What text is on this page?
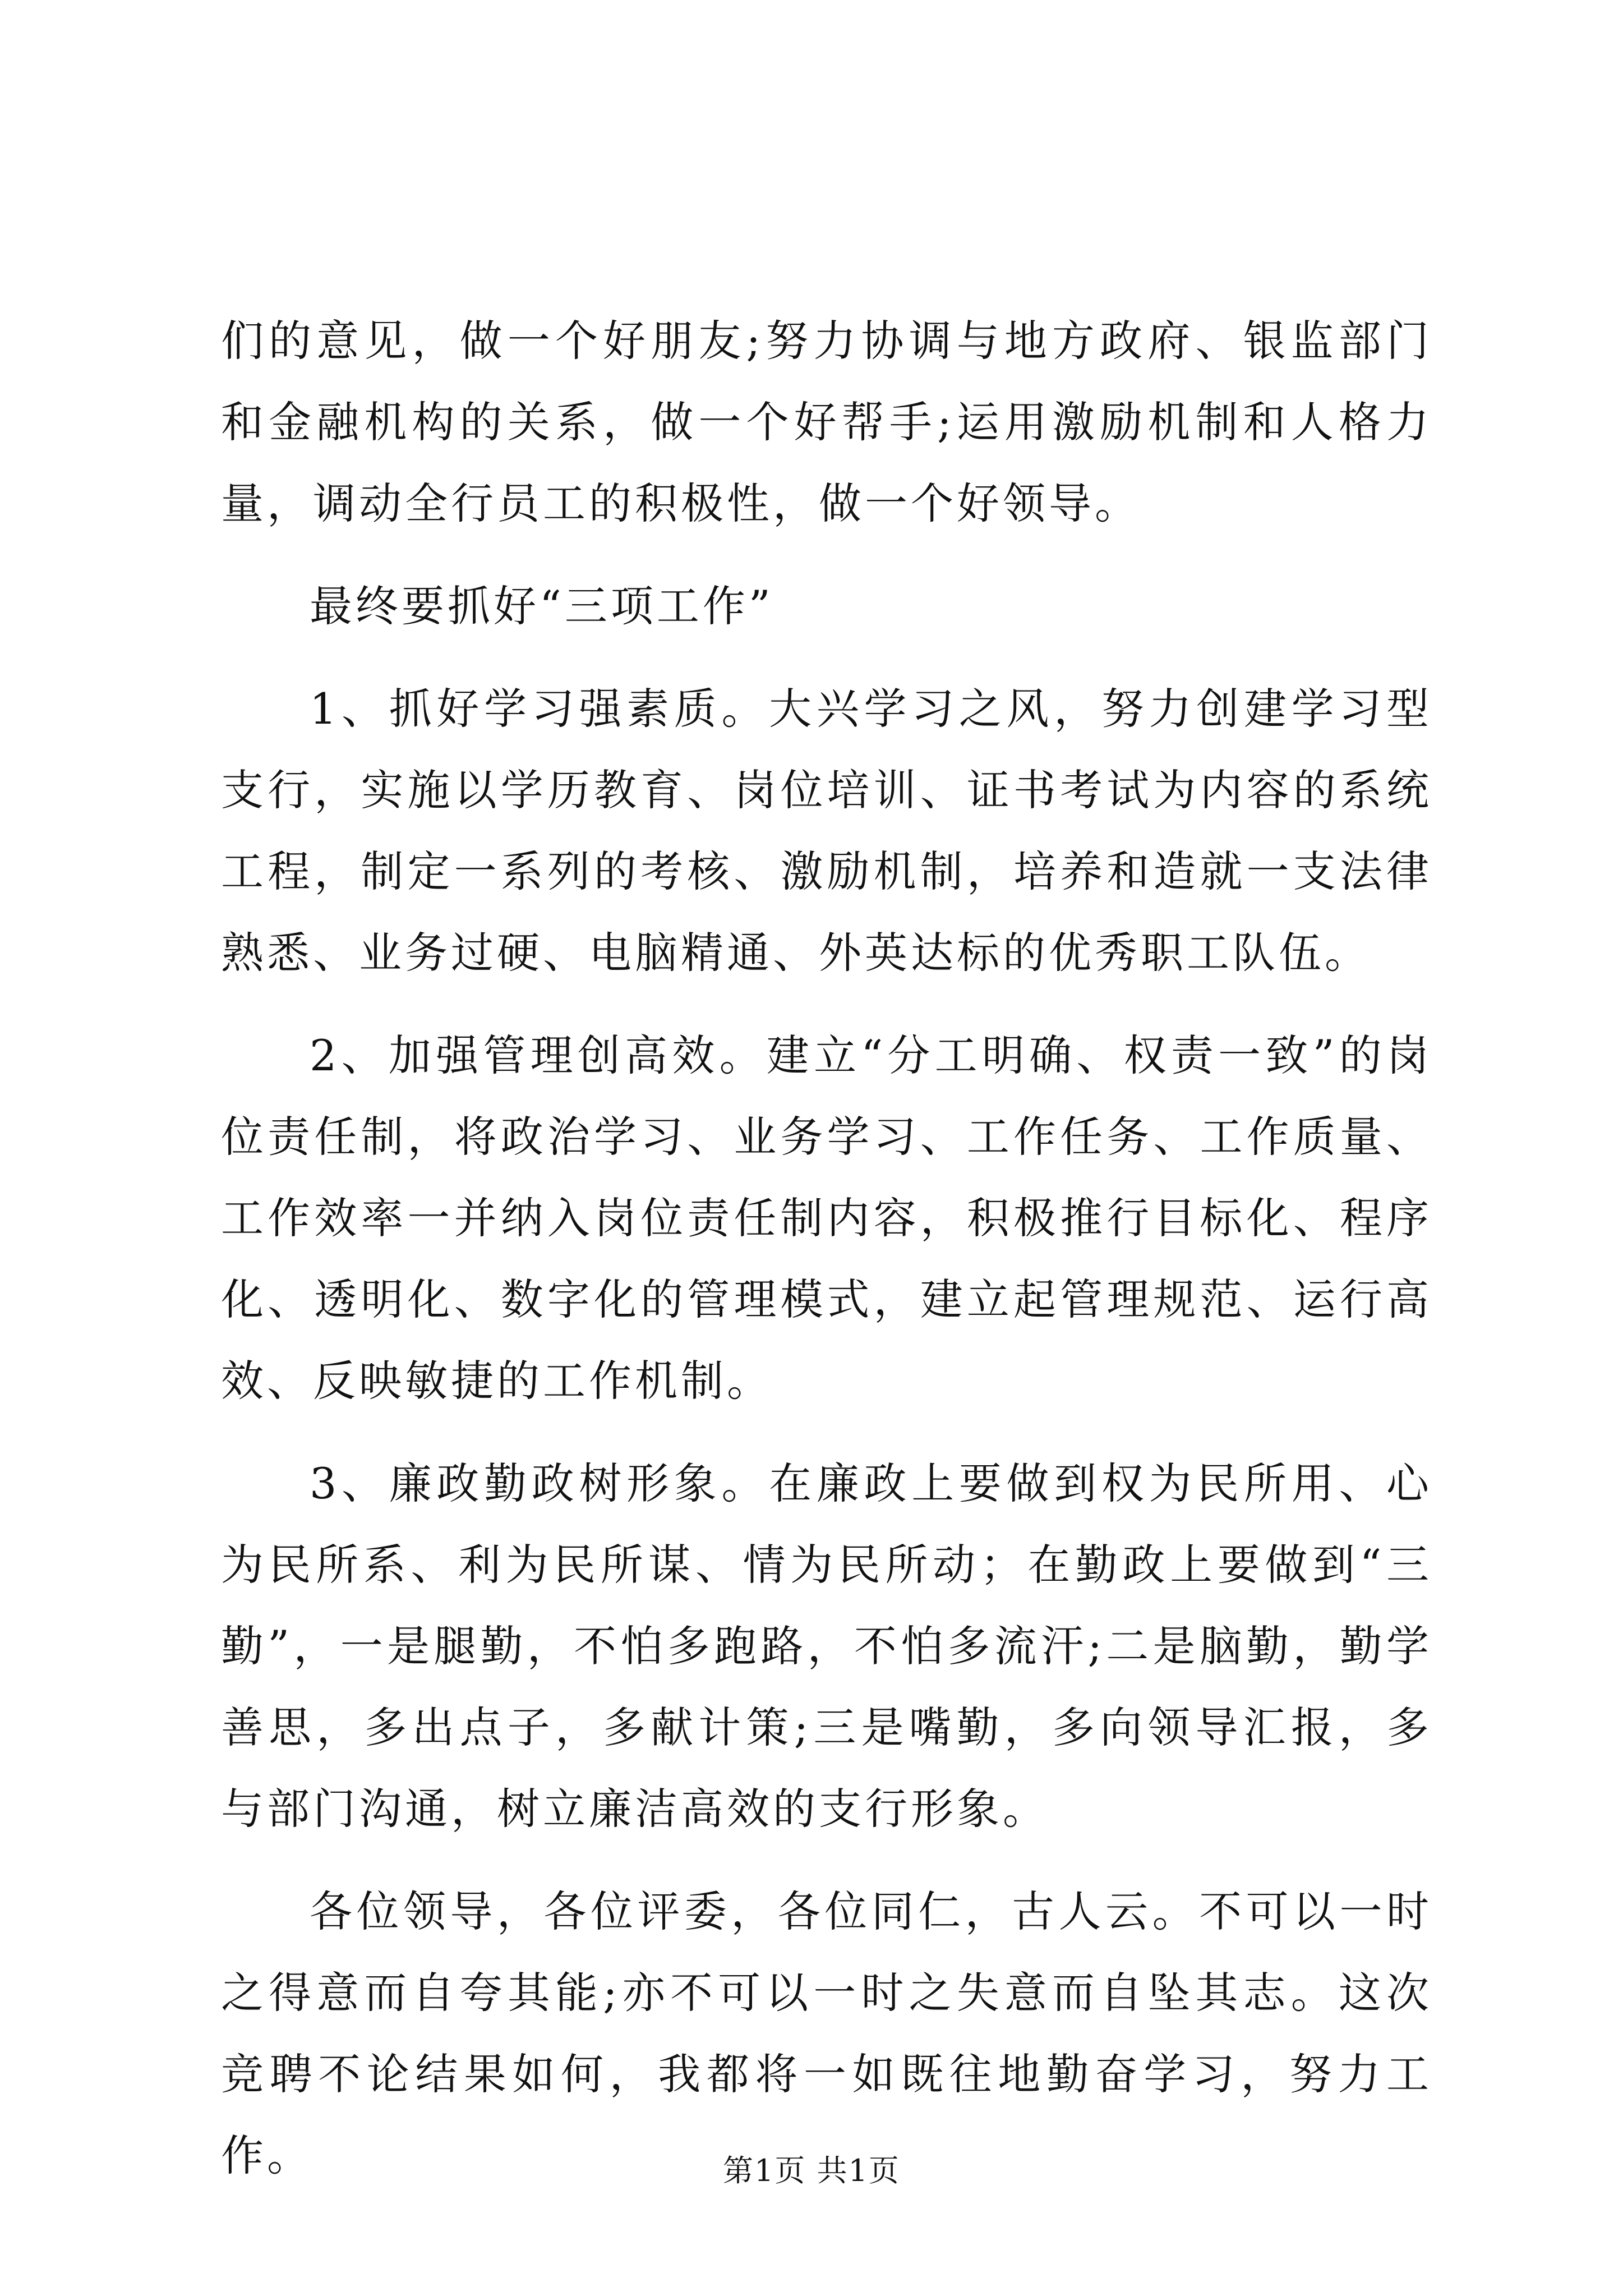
们的意见，做一个好朋友;努力协调与地方政府、银监部门和金融机构的关系，做一个好帮手;运用激励机制和人格力量，调动全行员工的积极性，做一个好领导。

最终要抓好“三项工作”

1、抓好学习强素质。大兴学习之风，努力创建学习型支行，实施以学历教育、岗位培训、证书考试为内容的系统工程，制定一系列的考核、激励机制，培养和造就一支法律熟悉、业务过硬、电脑精通、外英达标的优秀职工队伍。

2、加强管理创高效。建立“分工明确、权责一致”的岗位责任制，将政治学习、业务学习、工作任务、工作质量、工作效率一并纳入岗位责任制内容，积极推行目标化、程序化、透明化、数字化的管理模式，建立起管理规范、运行高效、反映敏捷的工作机制。

3、廉政勤政树形象。在廉政上要做到权为民所用、心为民所系、利为民所谋、情为民所动；在勤政上要做到“三勤”，一是腿勤，不怕多跑路，不怕多流汗;二是脑勤，勤学善思，多出点子，多献计策;三是嘴勤，多向领导汇报，多与部门沟通，树立廉洁高效的支行形象。

各位领导，各位评委，各位同仁，古人云。不可以一时之得意而自夸其能;亦不可以一时之失意而自坠其志。这次竞聘不论结果如何，我都将一如既往地勤奋学习，努力工作。	第1页 共1页
